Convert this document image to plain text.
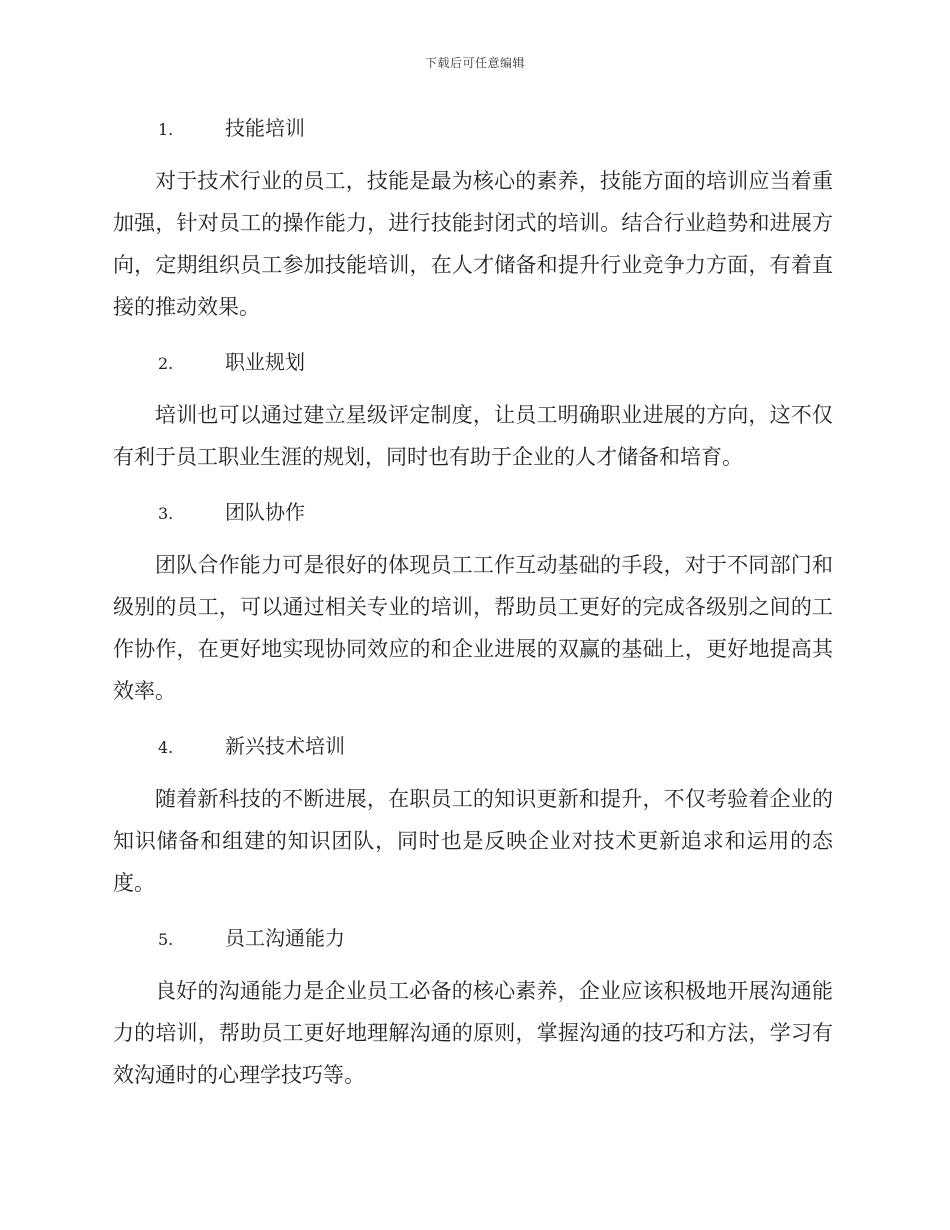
下载后可任意编辑
1.	技能培训

对于技术行业的员工，技能是最为核心的素养，技能方面的培训应当着重加强，针对员工的操作能力，进行技能封闭式的培训。结合行业趋势和进展方向，定期组织员工参加技能培训，在人才储备和提升行业竞争力方面，有着直接的推动效果。

2.	职业规划

培训也可以通过建立星级评定制度，让员工明确职业进展的方向，这不仅有利于员工职业生涯的规划，同时也有助于企业的人才储备和培育。

3.	团队协作

团队合作能力可是很好的体现员工工作互动基础的手段，对于不同部门和级别的员工，可以通过相关专业的培训，帮助员工更好的完成各级别之间的工作协作，在更好地实现协同效应的和企业进展的双赢的基础上，更好地提高其效率。

4.	新兴技术培训

随着新科技的不断进展，在职员工的知识更新和提升，不仅考验着企业的知识储备和组建的知识团队，同时也是反映企业对技术更新追求和运用的态度。

5.	员工沟通能力

良好的沟通能力是企业员工必备的核心素养，企业应该积极地开展沟通能力的培训，帮助员工更好地理解沟通的原则，掌握沟通的技巧和方法，学习有效沟通时的心理学技巧等。
